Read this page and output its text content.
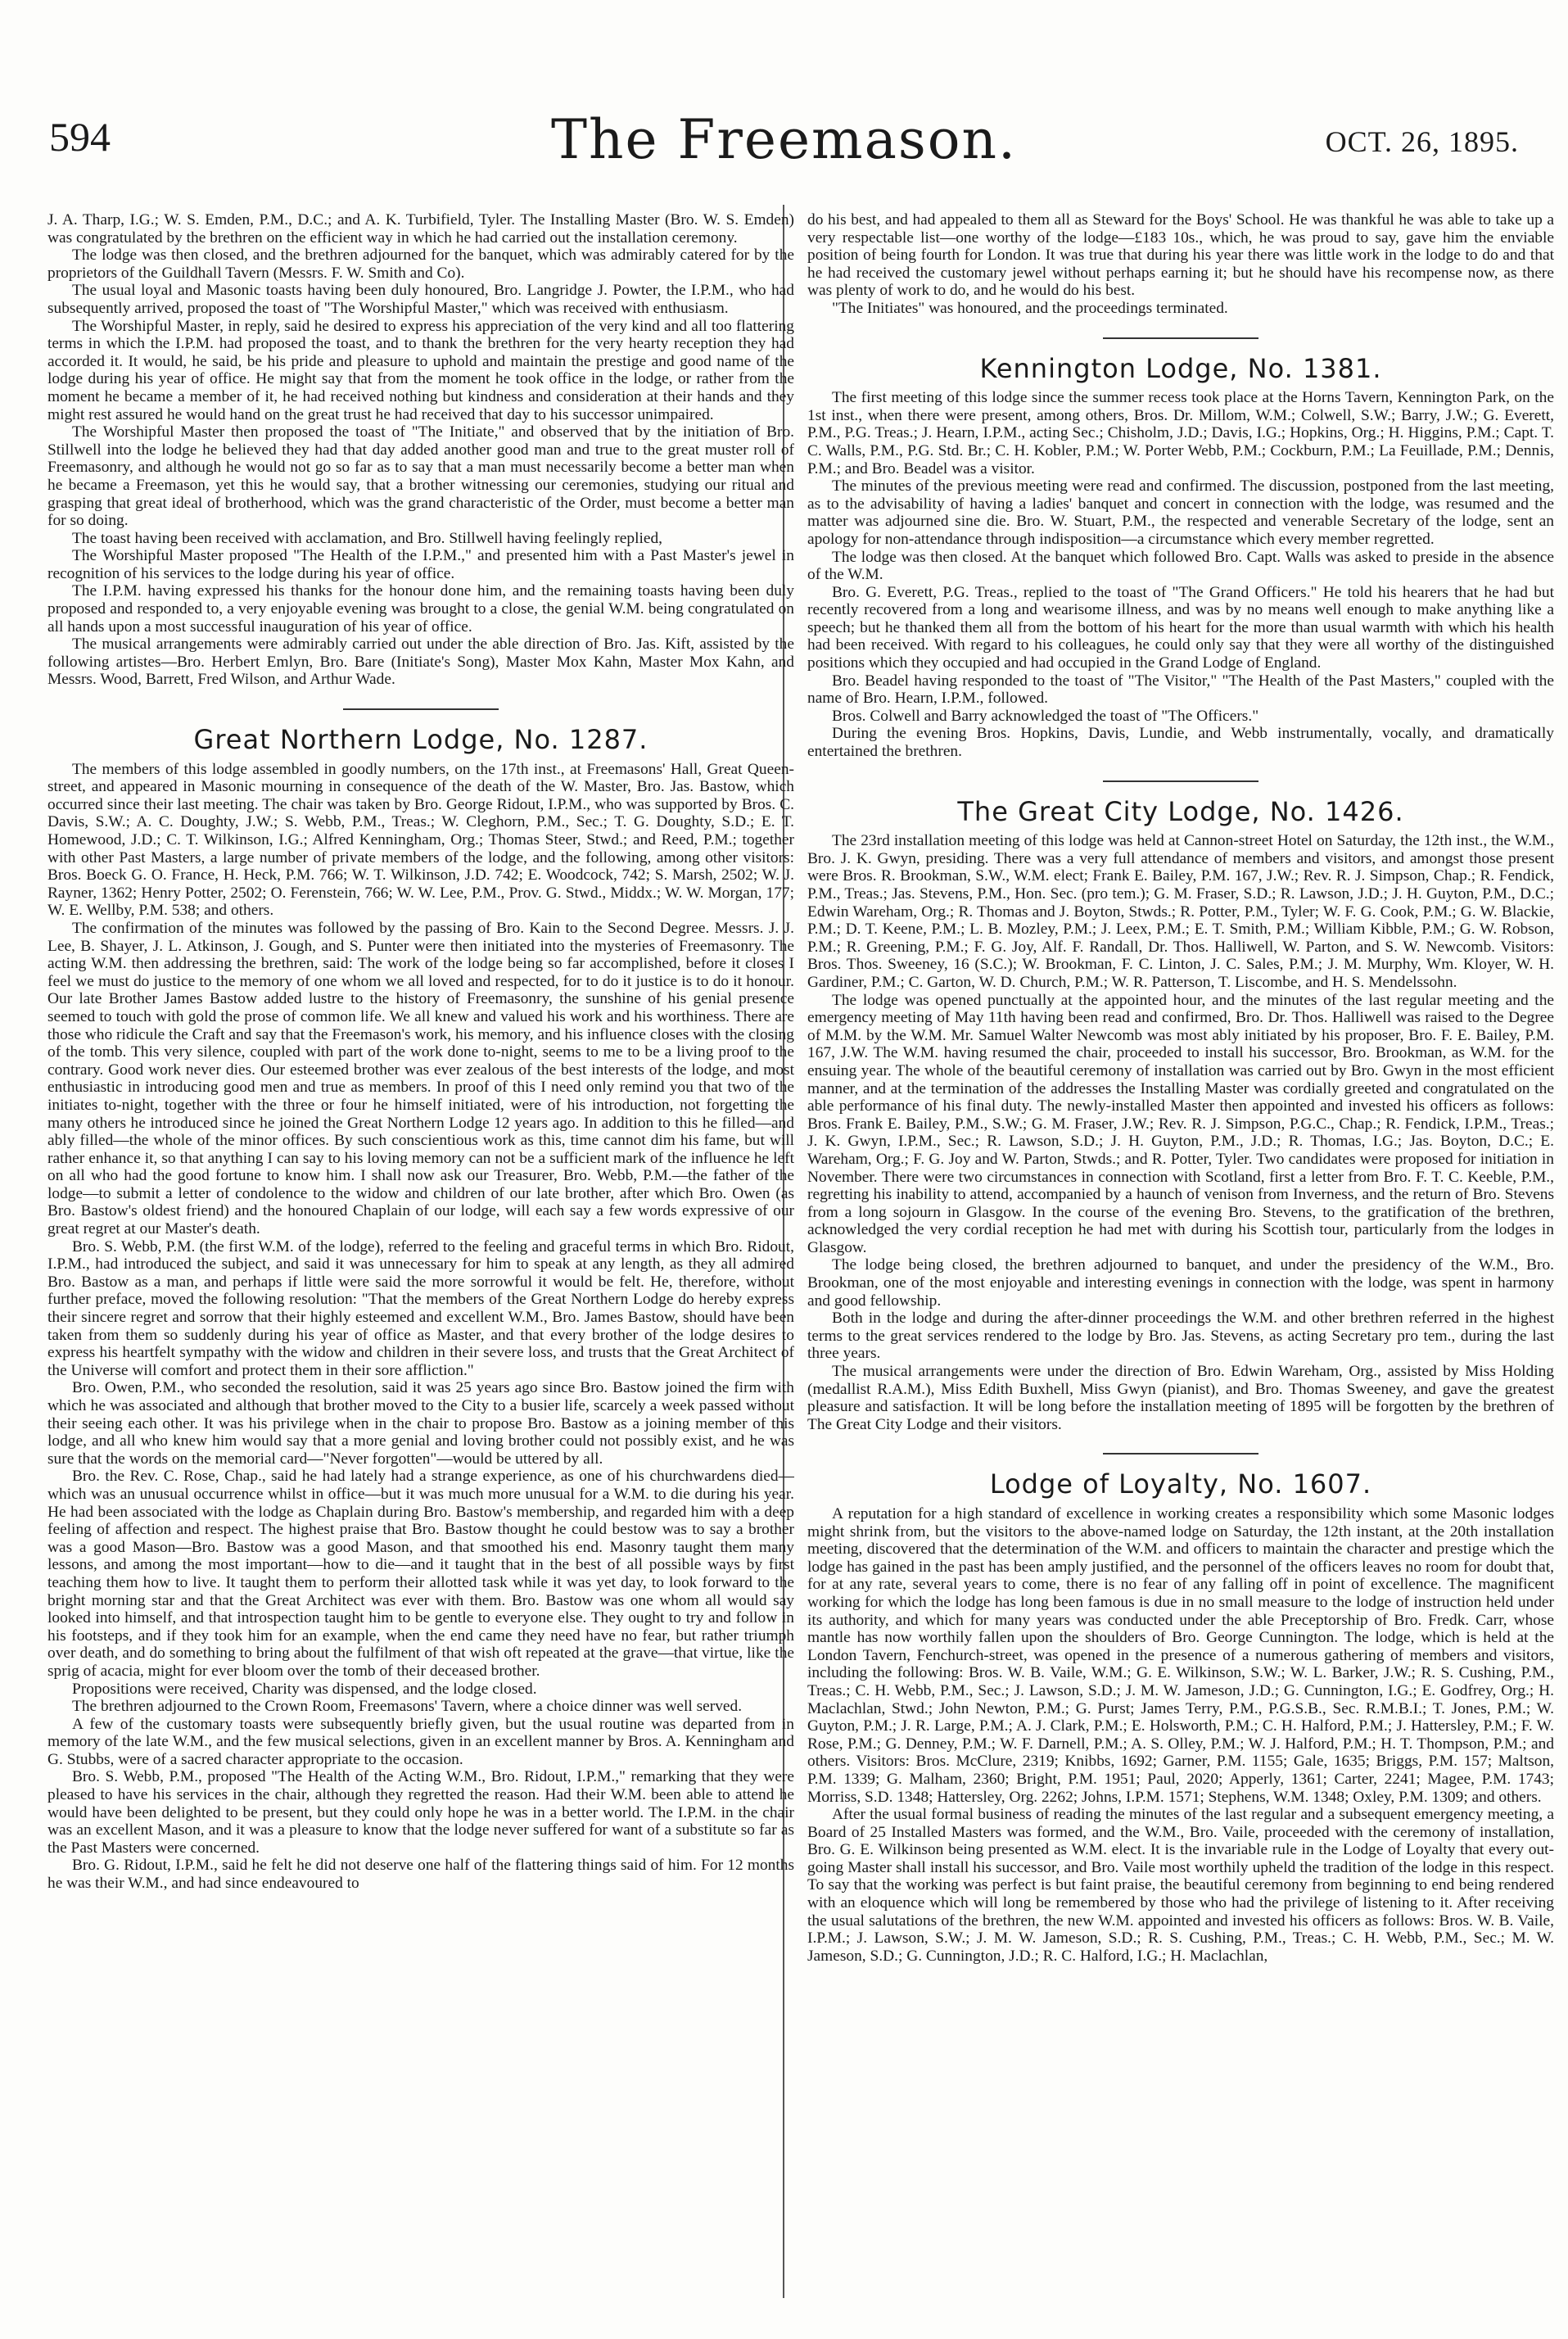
594	The Freemason.	OCT. 26, 1895.

J. A. Tharp, I.G.; W. S. Emden, P.M., D.C.; and A. K. Turbifield, Tyler. The Installing Master (Bro. W. S. Emden) was congratulated by the brethren on the efficient way in which he had carried out the installation ceremony.

The lodge was then closed, and the brethren adjourned for the banquet, which was admirably catered for by the proprietors of the Guildhall Tavern (Messrs. F. W. Smith and Co).

The usual loyal and Masonic toasts having been duly honoured, Bro. Langridge J. Powter, the I.P.M., who had subsequently arrived, proposed the toast of "The Worshipful Master," which was received with enthusiasm.

The Worshipful Master, in reply, said he desired to express his appreciation of the very kind and all too flattering terms in which the I.P.M. had proposed the toast, and to thank the brethren for the very hearty reception they had accorded it. It would, he said, be his pride and pleasure to uphold and maintain the prestige and good name of the lodge during his year of office. He might say that from the moment he took office in the lodge, or rather from the moment he became a member of it, he had received nothing but kindness and consideration at their hands and they might rest assured he would hand on the great trust he had received that day to his successor unimpaired.

The Worshipful Master then proposed the toast of "The Initiate," and observed that by the initiation of Bro. Stillwell into the lodge he believed they had that day added another good man and true to the great muster roll of Freemasonry, and although he would not go so far as to say that a man must necessarily become a better man when he became a Freemason, yet this he would say, that a brother witnessing our ceremonies, studying our ritual and grasping that great ideal of brotherhood, which was the grand characteristic of the Order, must become a better man for so doing.

The toast having been received with acclamation, and Bro. Stillwell having feelingly replied,

The Worshipful Master proposed "The Health of the I.P.M.," and presented him with a Past Master's jewel in recognition of his services to the lodge during his year of office.

The I.P.M. having expressed his thanks for the honour done him, and the remaining toasts having been duly proposed and responded to, a very enjoyable evening was brought to a close, the genial W.M. being congratulated on all hands upon a most successful inauguration of his year of office.

The musical arrangements were admirably carried out under the able direction of Bro. Jas. Kift, assisted by the following artistes—Bro. Herbert Emlyn, Bro. Bare (Initiate's Song), Master Mox Kahn, Master Mox Kahn, and Messrs. Wood, Barrett, Fred Wilson, and Arthur Wade.

Great Northern Lodge, No. 1287.

The members of this lodge assembled in goodly numbers, on the 17th inst., at Freemasons' Hall, Great Queen-street, and appeared in Masonic mourning in consequence of the death of the W. Master, Bro. Jas. Bastow, which occurred since their last meeting. The chair was taken by Bro. George Ridout, I.P.M., who was supported by Bros. C. Davis, S.W.; A. C. Doughty, J.W.; S. Webb, P.M., Treas.; W. Cleghorn, P.M., Sec.; T. G. Doughty, S.D.; E. T. Homewood, J.D.; C. T. Wilkinson, I.G.; Alfred Kenningham, Org.; Thomas Steer, Stwd.; and Reed, P.M.; together with other Past Masters, a large number of private members of the lodge, and the following, among other visitors: Bros. Boeck G. O. France, H. Heck, P.M. 766; W. T. Wilkinson, J.D. 742; E. Woodcock, 742; S. Marsh, 2502; W. J. Rayner, 1362; Henry Potter, 2502; O. Ferenstein, 766; W. W. Lee, P.M., Prov. G. Stwd., Middx.; W. W. Morgan, 177; W. E. Wellby, P.M. 538; and others.

The confirmation of the minutes was followed by the passing of Bro. Kain to the Second Degree. Messrs. J. J. Lee, B. Shayer, J. L. Atkinson, J. Gough, and S. Punter were then initiated into the mysteries of Freemasonry. The acting W.M. then addressing the brethren, said: The work of the lodge being so far accomplished, before it closes I feel we must do justice to the memory of one whom we all loved and respected, for to do it justice is to do it honour. Our late Brother James Bastow added lustre to the history of Freemasonry, the sunshine of his genial presence seemed to touch with gold the prose of common life. We all knew and valued his work and his worthiness. There are those who ridicule the Craft and say that the Freemason's work, his memory, and his influence closes with the closing of the tomb. This very silence, coupled with part of the work done to-night, seems to me to be a living proof to the contrary. Good work never dies. Our esteemed brother was ever zealous of the best interests of the lodge, and most enthusiastic in introducing good men and true as members. In proof of this I need only remind you that two of the initiates to-night, together with the three or four he himself initiated, were of his introduction, not forgetting the many others he introduced since he joined the Great Northern Lodge 12 years ago. In addition to this he filled—and ably filled—the whole of the minor offices. By such conscientious work as this, time cannot dim his fame, but will rather enhance it, so that anything I can say to his loving memory can not be a sufficient mark of the influence he left on all who had the good fortune to know him. I shall now ask our Treasurer, Bro. Webb, P.M.—the father of the lodge—to submit a letter of condolence to the widow and children of our late brother, after which Bro. Owen (as Bro. Bastow's oldest friend) and the honoured Chaplain of our lodge, will each say a few words expressive of our great regret at our Master's death.

Bro. S. Webb, P.M. (the first W.M. of the lodge), referred to the feeling and graceful terms in which Bro. Ridout, I.P.M., had introduced the subject, and said it was unnecessary for him to speak at any length, as they all admired Bro. Bastow as a man, and perhaps if little were said the more sorrowful it would be felt. He, therefore, without further preface, moved the following resolution: "That the members of the Great Northern Lodge do hereby express their sincere regret and sorrow that their highly esteemed and excellent W.M., Bro. James Bastow, should have been taken from them so suddenly during his year of office as Master, and that every brother of the lodge desires to express his heartfelt sympathy with the widow and children in their severe loss, and trusts that the Great Architect of the Universe will comfort and protect them in their sore affliction."

Bro. Owen, P.M., who seconded the resolution, said it was 25 years ago since Bro. Bastow joined the firm with which he was associated and although that brother moved to the City to a busier life, scarcely a week passed without their seeing each other. It was his privilege when in the chair to propose Bro. Bastow as a joining member of this lodge, and all who knew him would say that a more genial and loving brother could not possibly exist, and he was sure that the words on the memorial card—"Never forgotten"—would be uttered by all.

Bro. the Rev. C. Rose, Chap., said he had lately had a strange experience, as one of his churchwardens died—which was an unusual occurrence whilst in office—but it was much more unusual for a W.M. to die during his year. He had been associated with the lodge as Chaplain during Bro. Bastow's membership, and regarded him with a deep feeling of affection and respect. The highest praise that Bro. Bastow thought he could bestow was to say a brother was a good Mason—Bro. Bastow was a good Mason, and that smoothed his end. Masonry taught them many lessons, and among the most important—how to die—and it taught that in the best of all possible ways by first teaching them how to live. It taught them to perform their allotted task while it was yet day, to look forward to the bright morning star and that the Great Architect was ever with them. Bro. Bastow was one whom all would say looked into himself, and that introspection taught him to be gentle to everyone else. They ought to try and follow in his footsteps, and if they took him for an example, when the end came they need have no fear, but rather triumph over death, and do something to bring about the fulfilment of that wish oft repeated at the grave—that virtue, like the sprig of acacia, might for ever bloom over the tomb of their deceased brother.

Propositions were received, Charity was dispensed, and the lodge closed.

The brethren adjourned to the Crown Room, Freemasons' Tavern, where a choice dinner was well served.

A few of the customary toasts were subsequently briefly given, but the usual routine was departed from in memory of the late W.M., and the few musical selections, given in an excellent manner by Bros. A. Kenningham and G. Stubbs, were of a sacred character appropriate to the occasion.

Bro. S. Webb, P.M., proposed "The Health of the Acting W.M., Bro. Ridout, I.P.M.," remarking that they were pleased to have his services in the chair, although they regretted the reason. Had their W.M. been able to attend he would have been delighted to be present, but they could only hope he was in a better world. The I.P.M. in the chair was an excellent Mason, and it was a pleasure to know that the lodge never suffered for want of a substitute so far as the Past Masters were concerned.

Bro. G. Ridout, I.P.M., said he felt he did not deserve one half of the flattering things said of him. For 12 months he was their W.M., and had since endeavoured to

do his best, and had appealed to them all as Steward for the Boys' School. He was thankful he was able to take up a very respectable list—one worthy of the lodge—£183 10s., which, he was proud to say, gave him the enviable position of being fourth for London. It was true that during his year there was little work in the lodge to do and that he had received the customary jewel without perhaps earning it; but he should have his recompense now, as there was plenty of work to do, and he would do his best.

"The Initiates" was honoured, and the proceedings terminated.

Kennington Lodge, No. 1381.

The first meeting of this lodge since the summer recess took place at the Horns Tavern, Kennington Park, on the 1st inst., when there were present, among others, Bros. Dr. Millom, W.M.; Colwell, S.W.; Barry, J.W.; G. Everett, P.M., P.G. Treas.; J. Hearn, I.P.M., acting Sec.; Chisholm, J.D.; Davis, I.G.; Hopkins, Org.; H. Higgins, P.M.; Capt. T. C. Walls, P.M., P.G. Std. Br.; C. H. Kobler, P.M.; W. Porter Webb, P.M.; Cockburn, P.M.; La Feuillade, P.M.; Dennis, P.M.; and Bro. Beadel was a visitor.

The minutes of the previous meeting were read and confirmed. The discussion, postponed from the last meeting, as to the advisability of having a ladies' banquet and concert in connection with the lodge, was resumed and the matter was adjourned sine die. Bro. W. Stuart, P.M., the respected and venerable Secretary of the lodge, sent an apology for non-attendance through indisposition—a circumstance which every member regretted.

The lodge was then closed. At the banquet which followed Bro. Capt. Walls was asked to preside in the absence of the W.M.

Bro. G. Everett, P.G. Treas., replied to the toast of "The Grand Officers." He told his hearers that he had but recently recovered from a long and wearisome illness, and was by no means well enough to make anything like a speech; but he thanked them all from the bottom of his heart for the more than usual warmth with which his health had been received. With regard to his colleagues, he could only say that they were all worthy of the distinguished positions which they occupied and had occupied in the Grand Lodge of England.

Bro. Beadel having responded to the toast of "The Visitor," "The Health of the Past Masters," coupled with the name of Bro. Hearn, I.P.M., followed.

Bros. Colwell and Barry acknowledged the toast of "The Officers."

During the evening Bros. Hopkins, Davis, Lundie, and Webb instrumentally, vocally, and dramatically entertained the brethren.

The Great City Lodge, No. 1426.

The 23rd installation meeting of this lodge was held at Cannon-street Hotel on Saturday, the 12th inst., the W.M., Bro. J. K. Gwyn, presiding. There was a very full attendance of members and visitors, and amongst those present were Bros. R. Brookman, S.W., W.M. elect; Frank E. Bailey, P.M. 167, J.W.; Rev. R. J. Simpson, Chap.; R. Fendick, P.M., Treas.; Jas. Stevens, P.M., Hon. Sec. (pro tem.); G. M. Fraser, S.D.; R. Lawson, J.D.; J. H. Guyton, P.M., D.C.; Edwin Wareham, Org.; R. Thomas and J. Boyton, Stwds.; R. Potter, P.M., Tyler; W. F. G. Cook, P.M.; G. W. Blackie, P.M.; D. T. Keene, P.M.; L. B. Mozley, P.M.; J. Leex, P.M.; E. T. Smith, P.M.; William Kibble, P.M.; G. W. Robson, P.M.; R. Greening, P.M.; F. G. Joy, Alf. F. Randall, Dr. Thos. Halliwell, W. Parton, and S. W. Newcomb. Visitors: Bros. Thos. Sweeney, 16 (S.C.); W. Brookman, F. C. Linton, J. C. Sales, P.M.; J. M. Murphy, Wm. Kloyer, W. H. Gardiner, P.M.; C. Garton, W. D. Church, P.M.; W. R. Patterson, T. Liscombe, and H. S. Mendelssohn.

The lodge was opened punctually at the appointed hour, and the minutes of the last regular meeting and the emergency meeting of May 11th having been read and confirmed, Bro. Dr. Thos. Halliwell was raised to the Degree of M.M. by the W.M. Mr. Samuel Walter Newcomb was most ably initiated by his proposer, Bro. F. E. Bailey, P.M. 167, J.W. The W.M. having resumed the chair, proceeded to install his successor, Bro. Brookman, as W.M. for the ensuing year. The whole of the beautiful ceremony of installation was carried out by Bro. Gwyn in the most efficient manner, and at the termination of the addresses the Installing Master was cordially greeted and congratulated on the able performance of his final duty. The newly-installed Master then appointed and invested his officers as follows: Bros. Frank E. Bailey, P.M., S.W.; G. M. Fraser, J.W.; Rev. R. J. Simpson, P.G.C., Chap.; R. Fendick, I.P.M., Treas.; J. K. Gwyn, I.P.M., Sec.; R. Lawson, S.D.; J. H. Guyton, P.M., J.D.; R. Thomas, I.G.; Jas. Boyton, D.C.; E. Wareham, Org.; F. G. Joy and W. Parton, Stwds.; and R. Potter, Tyler. Two candidates were proposed for initiation in November. There were two circumstances in connection with Scotland, first a letter from Bro. F. T. C. Keeble, P.M., regretting his inability to attend, accompanied by a haunch of venison from Inverness, and the return of Bro. Stevens from a long sojourn in Glasgow. In the course of the evening Bro. Stevens, to the gratification of the brethren, acknowledged the very cordial reception he had met with during his Scottish tour, particularly from the lodges in Glasgow.

The lodge being closed, the brethren adjourned to banquet, and under the presidency of the W.M., Bro. Brookman, one of the most enjoyable and interesting evenings in connection with the lodge, was spent in harmony and good fellowship.

Both in the lodge and during the after-dinner proceedings the W.M. and other brethren referred in the highest terms to the great services rendered to the lodge by Bro. Jas. Stevens, as acting Secretary pro tem., during the last three years.

The musical arrangements were under the direction of Bro. Edwin Wareham, Org., assisted by Miss Holding (medallist R.A.M.), Miss Edith Buxhell, Miss Gwyn (pianist), and Bro. Thomas Sweeney, and gave the greatest pleasure and satisfaction. It will be long before the installation meeting of 1895 will be forgotten by the brethren of The Great City Lodge and their visitors.

Lodge of Loyalty, No. 1607.

A reputation for a high standard of excellence in working creates a responsibility which some Masonic lodges might shrink from, but the visitors to the above-named lodge on Saturday, the 12th instant, at the 20th installation meeting, discovered that the determination of the W.M. and officers to maintain the character and prestige which the lodge has gained in the past has been amply justified, and the personnel of the officers leaves no room for doubt that, for at any rate, several years to come, there is no fear of any falling off in point of excellence. The magnificent working for which the lodge has long been famous is due in no small measure to the lodge of instruction held under its authority, and which for many years was conducted under the able Preceptorship of Bro. Fredk. Carr, whose mantle has now worthily fallen upon the shoulders of Bro. George Cunnington. The lodge, which is held at the London Tavern, Fenchurch-street, was opened in the presence of a numerous gathering of members and visitors, including the following: Bros. W. B. Vaile, W.M.; G. E. Wilkinson, S.W.; W. L. Barker, J.W.; R. S. Cushing, P.M., Treas.; C. H. Webb, P.M., Sec.; J. Lawson, S.D.; J. M. W. Jameson, J.D.; G. Cunnington, I.G.; E. Godfrey, Org.; H. Maclachlan, Stwd.; John Newton, P.M.; G. Purst; James Terry, P.M., P.G.S.B., Sec. R.M.B.I.; T. Jones, P.M.; W. Guyton, P.M.; J. R. Large, P.M.; A. J. Clark, P.M.; E. Holsworth, P.M.; C. H. Halford, P.M.; J. Hattersley, P.M.; F. W. Rose, P.M.; G. Denney, P.M.; W. F. Darnell, P.M.; A. S. Olley, P.M.; W. J. Halford, P.M.; H. T. Thompson, P.M.; and others. Visitors: Bros. McClure, 2319; Knibbs, 1692; Garner, P.M. 1155; Gale, 1635; Briggs, P.M. 157; Maltson, P.M. 1339; G. Malham, 2360; Bright, P.M. 1951; Paul, 2020; Apperly, 1361; Carter, 2241; Magee, P.M. 1743; Morriss, S.D. 1348; Hattersley, Org. 2262; Johns, I.P.M. 1571; Stephens, W.M. 1348; Oxley, P.M. 1309; and others.

After the usual formal business of reading the minutes of the last regular and a subsequent emergency meeting, a Board of 25 Installed Masters was formed, and the W.M., Bro. Vaile, proceeded with the ceremony of installation, Bro. G. E. Wilkinson being presented as W.M. elect. It is the invariable rule in the Lodge of Loyalty that every out-going Master shall install his successor, and Bro. Vaile most worthily upheld the tradition of the lodge in this respect. To say that the working was perfect is but faint praise, the beautiful ceremony from beginning to end being rendered with an eloquence which will long be remembered by those who had the privilege of listening to it. After receiving the usual salutations of the brethren, the new W.M. appointed and invested his officers as follows: Bros. W. B. Vaile, I.P.M.; J. Lawson, S.W.; J. M. W. Jameson, S.D.; R. S. Cushing, P.M., Treas.; C. H. Webb, P.M., Sec.; M. W. Jameson, S.D.; G. Cunnington, J.D.; R. C. Halford, I.G.; H. Maclachlan,
